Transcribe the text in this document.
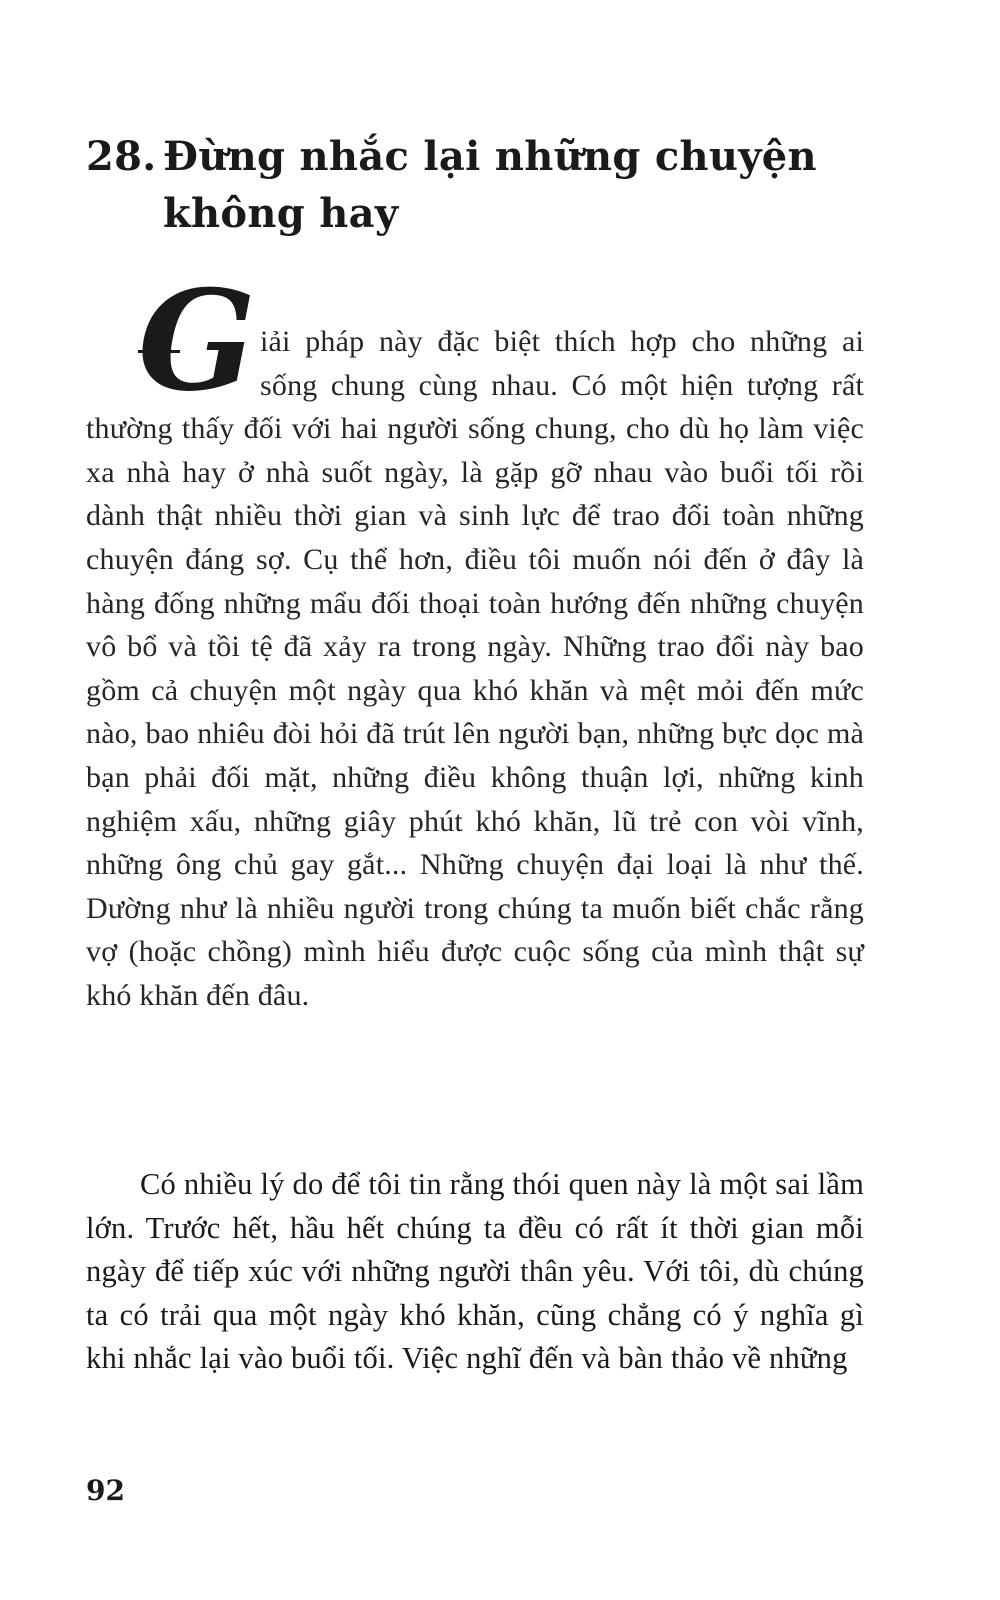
28. Đừng nhắc lại những chuyện
không hay
G iải pháp này đặc biệt thích hợp cho những ai sống chung cùng nhau. Có một hiện tượng rất thường thấy đối với hai người sống chung, cho dù họ làm việc xa nhà hay ở nhà suốt ngày, là gặp gỡ nhau vào buổi tối rồi dành thật nhiều thời gian và sinh lực để trao đổi toàn những chuyện đáng sợ. Cụ thể hơn, điều tôi muốn nói đến ở đây là hàng đống những mẩu đối thoại toàn hướng đến những chuyện vô bổ và tồi tệ đã xảy ra trong ngày. Những trao đổi này bao gồm cả chuyện một ngày qua khó khăn và mệt mỏi đến mức nào, bao nhiêu đòi hỏi đã trút lên người bạn, những bực dọc mà bạn phải đối mặt, những điều không thuận lợi, những kinh nghiệm xấu, những giây phút khó khăn, lũ trẻ con vòi vĩnh, những ông chủ gay gắt... Những chuyện đại loại là như thế. Dường như là nhiều người trong chúng ta muốn biết chắc rằng vợ (hoặc chồng) mình hiểu được cuộc sống của mình thật sự khó khăn đến đâu.

Có nhiều lý do để tôi tin rằng thói quen này là một sai lầm lớn. Trước hết, hầu hết chúng ta đều có rất ít thời gian mỗi ngày để tiếp xúc với những người thân yêu. Với tôi, dù chúng ta có trải qua một ngày khó khăn, cũng chẳng có ý nghĩa gì khi nhắc lại vào buổi tối. Việc nghĩ đến và bàn thảo về những

92
